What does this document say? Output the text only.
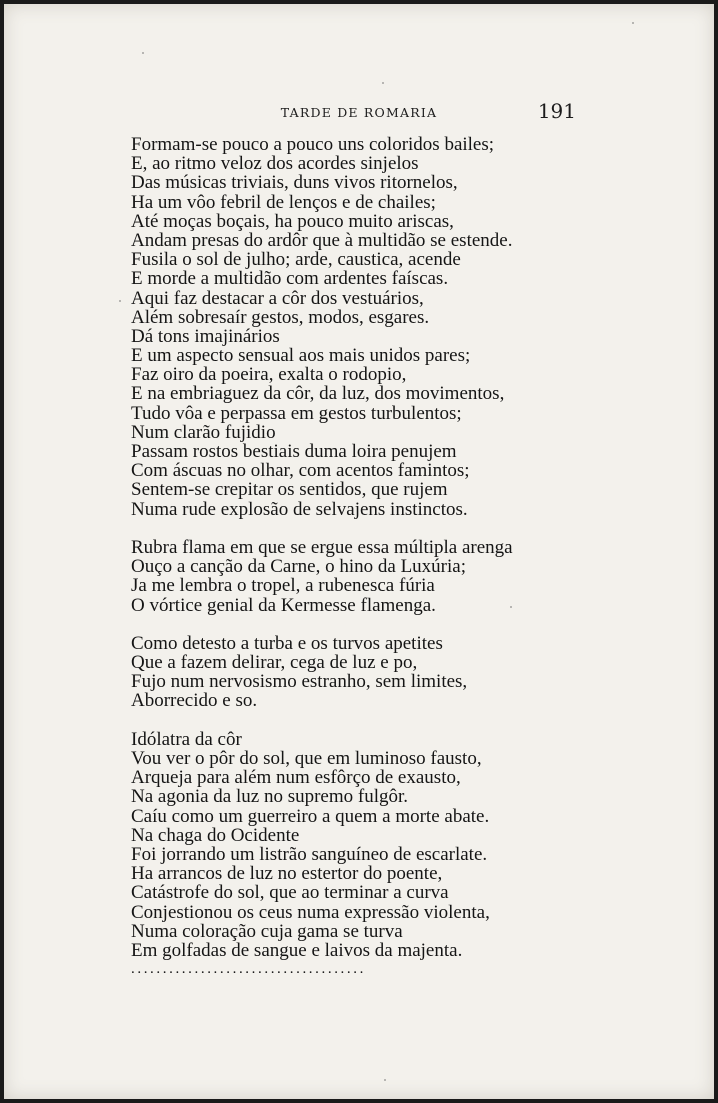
TARDE DE ROMARIA	191
Formam-se pouco a pouco uns coloridos bailes;
E, ao ritmo veloz dos acordes sinjelos
Das músicas triviais, duns vivos ritornelos,
Ha um vôo febril de lenços e de chailes;
Até moças boçais, ha pouco muito ariscas,
Andam presas do ardôr que à multidão se estende.
Fusila o sol de julho; arde, caustica, acende
E morde a multidão com ardentes faíscas.
Aqui faz destacar a côr dos vestuários,
Além sobresaír gestos, modos, esgares.
Dá tons imajinários
E um aspecto sensual aos mais unidos pares;
Faz oiro da poeira, exalta o rodopio,
E na embriaguez da côr, da luz, dos movimentos,
Tudo vôa e perpassa em gestos turbulentos;
Num clarão fujidio
Passam rostos bestiais duma loira penujem
Com áscuas no olhar, com acentos famintos;
Sentem-se crepitar os sentidos, que rujem
Numa rude explosão de selvajens instinctos.
Rubra flama em que se ergue essa múltipla arenga
Ouço a canção da Carne, o hino da Luxúria;
Ja me lembra o tropel, a rubenesca fúria
O vórtice genial da Kermesse flamenga.
Como detesto a turba e os turvos apetites
Que a fazem delirar, cega de luz e po,
Fujo num nervosismo estranho, sem limites,
Aborrecido e so.
Idólatra da côr
Vou ver o pôr do sol, que em luminoso fausto,
Arqueja para além num esfôrço de exausto,
Na agonia da luz no supremo fulgôr.
Caíu como um guerreiro a quem a morte abate.
Na chaga do Ocidente
Foi jorrando um listrão sanguíneo de escarlate.
Ha arrancos de luz no estertor do poente,
Catástrofe do sol, que ao terminar a curva
Conjestionou os ceus numa expressão violenta,
Numa coloração cuja gama se turva
Em golfadas de sangue e laivos da majenta.
.....................................
